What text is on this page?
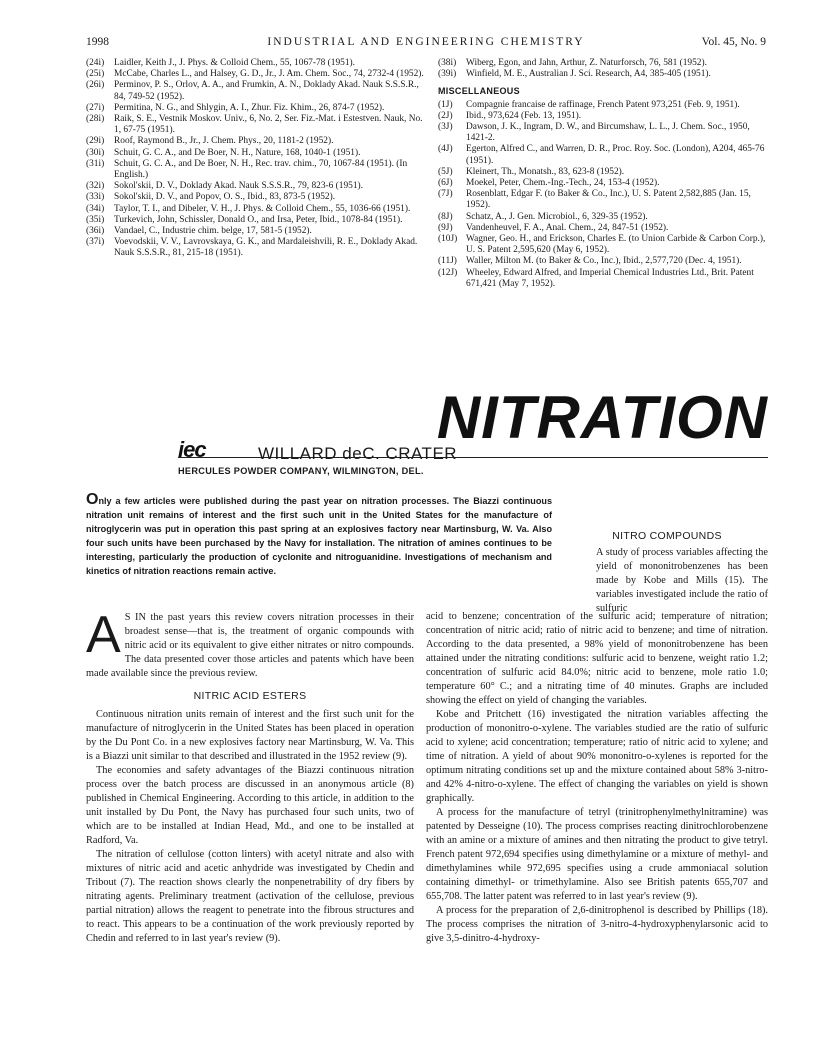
1998	INDUSTRIAL AND ENGINEERING CHEMISTRY	Vol. 45, No. 9
(24i)	Laidler, Keith J., J. Phys. & Colloid Chem., 55, 1067-78 (1951).
(25i)	McCabe, Charles L., and Halsey, G. D., Jr., J. Am. Chem. Soc., 74, 2732-4 (1952).
(26i)	Perminov, P. S., Orlov, A. A., and Frumkin, A. N., Doklady Akad. Nauk S.S.S.R., 84, 749-52 (1952).
(27i)	Permitina, N. G., and Shlygin, A. I., Zhur. Fiz. Khim., 26, 874-7 (1952).
(28i)	Raik, S. E., Vestnik Moskov. Univ., 6, No. 2, Ser. Fiz.-Mat. i Estestven. Nauk, No. 1, 67-75 (1951).
(29i)	Roof, Raymond B., Jr., J. Chem. Phys., 20, 1181-2 (1952).
(30i)	Schuit, G. C. A., and De Boer, N. H., Nature, 168, 1040-1 (1951).
(31i)	Schuit, G. C. A., and De Boer, N. H., Rec. trav. chim., 70, 1067-84 (1951). (In English.)
(32i)	Sokol'skii, D. V., Doklady Akad. Nauk S.S.S.R., 79, 823-6 (1951).
(33i)	Sokol'skii, D. V., and Popov, O. S., Ibid., 83, 873-5 (1952).
(34i)	Taylor, T. I., and Dibeler, V. H., J. Phys. & Colloid Chem., 55, 1036-66 (1951).
(35i)	Turkevich, John, Schissler, Donald O., and Irsa, Peter, Ibid., 1078-84 (1951).
(36i)	Vandael, C., Industrie chim. belge, 17, 581-5 (1952).
(37i)	Voevodskii, V. V., Lavrovskaya, G. K., and Mardaleishvili, R. E., Doklady Akad. Nauk S.S.S.R., 81, 215-18 (1951).
(38i)	Wiberg, Egon, and Jahn, Arthur, Z. Naturforsch, 76, 581 (1952).
(39i)	Winfield, M. E., Australian J. Sci. Research, A4, 385-405 (1951).
MISCELLANEOUS
(1J)	Compagnie francaise de raffinage, French Patent 973,251 (Feb. 9, 1951).
(2J)	Ibid., 973,624 (Feb. 13, 1951).
(3J)	Dawson, J. K., Ingram, D. W., and Bircumshaw, L. L., J. Chem. Soc., 1950, 1421-2.
(4J)	Egerton, Alfred C., and Warren, D. R., Proc. Roy. Soc. (London), A204, 465-76 (1951).
(5J)	Kleinert, Th., Monatsh., 83, 623-8 (1952).
(6J)	Moekel, Peter, Chem.-Ing.-Tech., 24, 153-4 (1952).
(7J)	Rosenblatt, Edgar F. (to Baker & Co., Inc.), U. S. Patent 2,582,885 (Jan. 15, 1952).
(8J)	Schatz, A., J. Gen. Microbiol., 6, 329-35 (1952).
(9J)	Vandenheuvel, F. A., Anal. Chem., 24, 847-51 (1952).
(10J) Wagner, Geo. H., and Erickson, Charles E. (to Union Carbide & Carbon Corp.), U. S. Patent 2,595,620 (May 6, 1952).
(11J) Waller, Milton M. (to Baker & Co., Inc.), Ibid., 2,577,720 (Dec. 4, 1951).
(12J) Wheeley, Edward Alfred, and Imperial Chemical Industries Ltd., Brit. Patent 671,421 (May 7, 1952).
NITRATION
iec	WILLARD deC. CRATER
HERCULES POWDER COMPANY, WILMINGTON, DEL.
Only a few articles were published during the past year on nitration processes. The Biazzi continuous nitration unit remains of interest and the first such unit in the United States for the manufacture of nitroglycerin was put in operation this past spring at an explosives factory near Martinsburg, W. Va. Also four such units have been purchased by the Navy for installation. The nitration of amines continues to be interesting, particularly the production of cyclonite and nitroguanidine. Investigations of mechanism and kinetics of nitration reactions remain active.
NITRO COMPOUNDS
A study of process variables affecting the yield of mononitrobenzenes has been made by Kobe and Mills (15). The variables investigated include the ratio of sulfuric

A S IN the past years this review covers nitration processes in their broadest sense—that is, the treatment of organic compounds with nitric acid or its equivalent to give either nitrates or nitro compounds. The data presented cover those articles and patents which have been made available since the previous review.

NITRIC ACID ESTERS

Continuous nitration units remain of interest and the first such unit for the manufacture of nitroglycerin in the United States has been placed in operation by the Du Pont Co. in a new explosives factory near Martinsburg, W. Va. This is a Biazzi unit similar to that described and illustrated in the 1952 review (9).

The economies and safety advantages of the Biazzi continuous nitration process over the batch process are discussed in an anonymous article (8) published in Chemical Engineering. According to this article, in addition to the unit installed by Du Pont, the Navy has purchased four such units, two of which are to be installed at Indian Head, Md., and one to be installed at Radford, Va.

The nitration of cellulose (cotton linters) with acetyl nitrate and also with mixtures of nitric acid and acetic anhydride was investigated by Chedin and Tribout (7). The reaction shows clearly the nonpenetrability of dry fibers by nitrating agents. Preliminary treatment (activation of the cellulose, previous partial nitration) allows the reagent to penetrate into the fibrous structures and to react. This appears to be a continuation of the work previously reported by Chedin and referred to in last year's review (9).

acid to benzene; concentration of the sulfuric acid; temperature of nitration; concentration of nitric acid; ratio of nitric acid to benzene; and time of nitration. According to the data presented, a 98% yield of mononitrobenzene has been attained under the nitrating conditions: sulfuric acid to benzene, weight ratio 1.2; concentration of sulfuric acid 84.0%; nitric acid to benzene, mole ratio 1.0; temperature 60° C.; and a nitrating time of 40 minutes. Graphs are included showing the effect on yield of changing the variables.

Kobe and Pritchett (16) investigated the nitration variables affecting the production of mononitro-o-xylene. The variables studied are the ratio of sulfuric acid to xylene; acid concentration; temperature; ratio of nitric acid to xylene; and time of nitration. A yield of about 90% mononitro-o-xylenes is reported for the optimum nitrating conditions set up and the mixture contained about 58% 3-nitro- and 42% 4-nitro-o-xylene. The effect of changing the variables on yield is shown graphically.

A process for the manufacture of tetryl (trinitrophenylmethylnitramine) was patented by Desseigne (10). The process comprises reacting dinitrochlorobenzene with an amine or a mixture of amines and then nitrating the product to give tetryl. French patent 972,694 specifies using dimethylamine or a mixture of methyl- and dimethylamines while 972,695 specifies using a crude ammoniacal solution containing dimethyl- or trimethylamine. Also see British patents 655,707 and 655,708. The latter patent was referred to in last year's review (9).

A process for the preparation of 2,6-dinitrophenol is described by Phillips (18). The process comprises the nitration of 3-nitro-4-hydroxyphenylarsonic acid to give 3,5-dinitro-4-hydroxy-
